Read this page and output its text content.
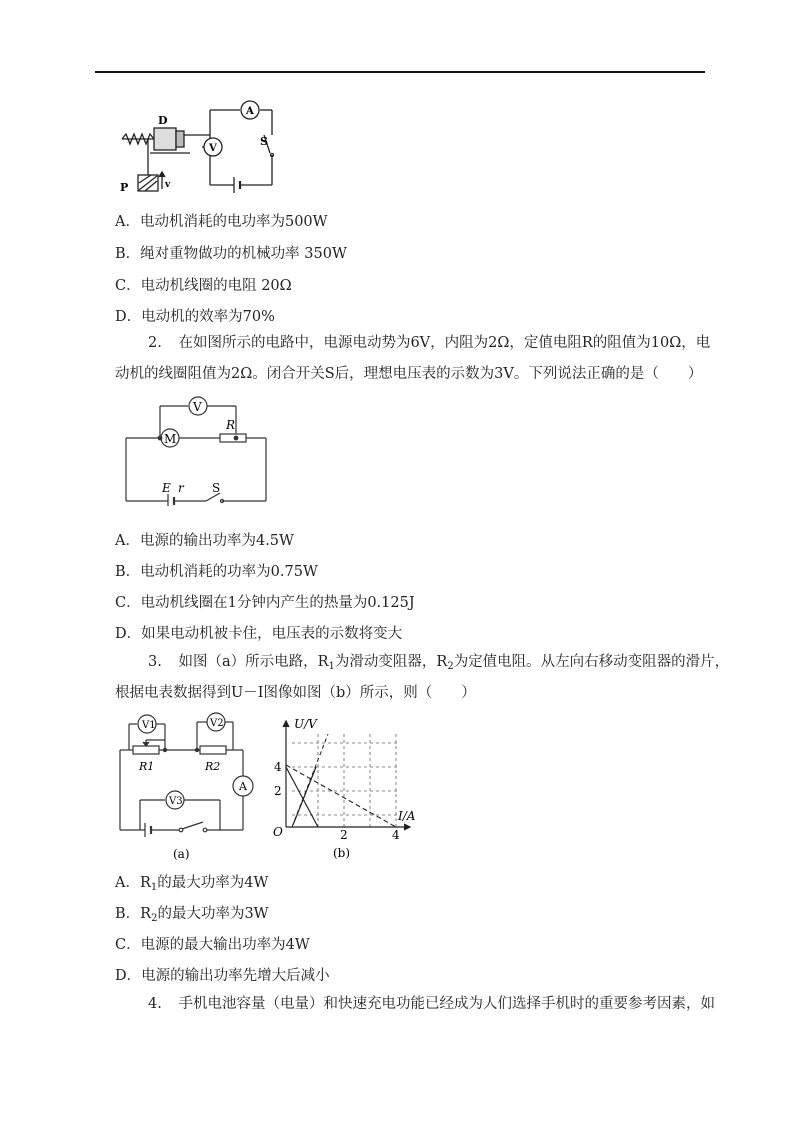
D
A
V
S
P	v
A．电动机消耗的电功率为500W
B．绳对重物做功的机械功率 350W
C．电动机线圈的电阻 20Ω
D．电动机的效率为70%
2. 在如图所示的电路中，电源电动势为6V，内阻为2Ω，定值电阻R的阻值为10Ω，电
动机的线圈阻值为2Ω。闭合开关S后，理想电压表的示数为3V。下列说法正确的是（　　）
V
M
R
E r S
A．电源的输出功率为4.5W
B．电动机消耗的功率为0.75W
C．电动机线圈在1分钟内产生的热量为0.125J
D．如果电动机被卡住，电压表的示数将变大
3. 如图（a）所示电路，$R_1$为滑动变阻器，$R_2$为定值电阻。从左向右移动变阻器的滑片，
根据电表数据得到U－I图像如图（b）所示，则（　　）
V1	V2
V3
A
R1	R2
(a)
U/V
I/A
O
4
2
2	4
(b)
A．$R_1$的最大功率为4W
B．$R_2$的最大功率为3W
C．电源的最大输出功率为4W
D．电源的输出功率先增大后减小
4. 手机电池容量（电量）和快速充电功能已经成为人们选择手机时的重要参考因素，如
